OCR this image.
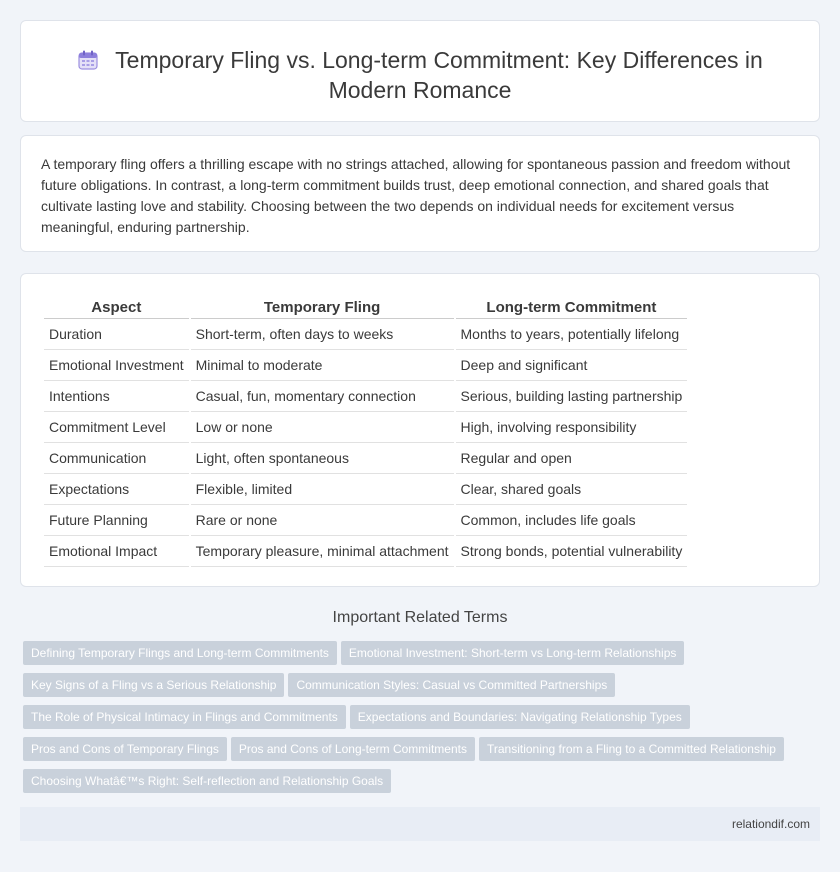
Temporary Fling vs. Long-term Commitment: Key Differences in Modern Romance

A temporary fling offers a thrilling escape with no strings attached, allowing for spontaneous passion and freedom without future obligations. In contrast, a long-term commitment builds trust, deep emotional connection, and shared goals that cultivate lasting love and stability. Choosing between the two depends on individual needs for excitement versus meaningful, enduring partnership.

Aspect	Temporary Fling	Long-term Commitment
Duration	Short-term, often days to weeks	Months to years, potentially lifelong
Emotional Investment	Minimal to moderate	Deep and significant
Intentions	Casual, fun, momentary connection	Serious, building lasting partnership
Commitment Level	Low or none	High, involving responsibility
Communication	Light, often spontaneous	Regular and open
Expectations	Flexible, limited	Clear, shared goals
Future Planning	Rare or none	Common, includes life goals
Emotional Impact	Temporary pleasure, minimal attachment	Strong bonds, potential vulnerability
Important Related Terms
Defining Temporary Flings and Long-term Commitments Emotional Investment: Short-term vs Long-term Relationships
Key Signs of a Fling vs a Serious Relationship Communication Styles: Casual vs Committed Partnerships
The Role of Physical Intimacy in Flings and Commitments Expectations and Boundaries: Navigating Relationship Types
Pros and Cons of Temporary Flings Pros and Cons of Long-term Commitments Transitioning from a Fling to a Committed Relationship
Choosing Whatâ€™s Right: Self-reflection and Relationship Goals
relationdif.com
